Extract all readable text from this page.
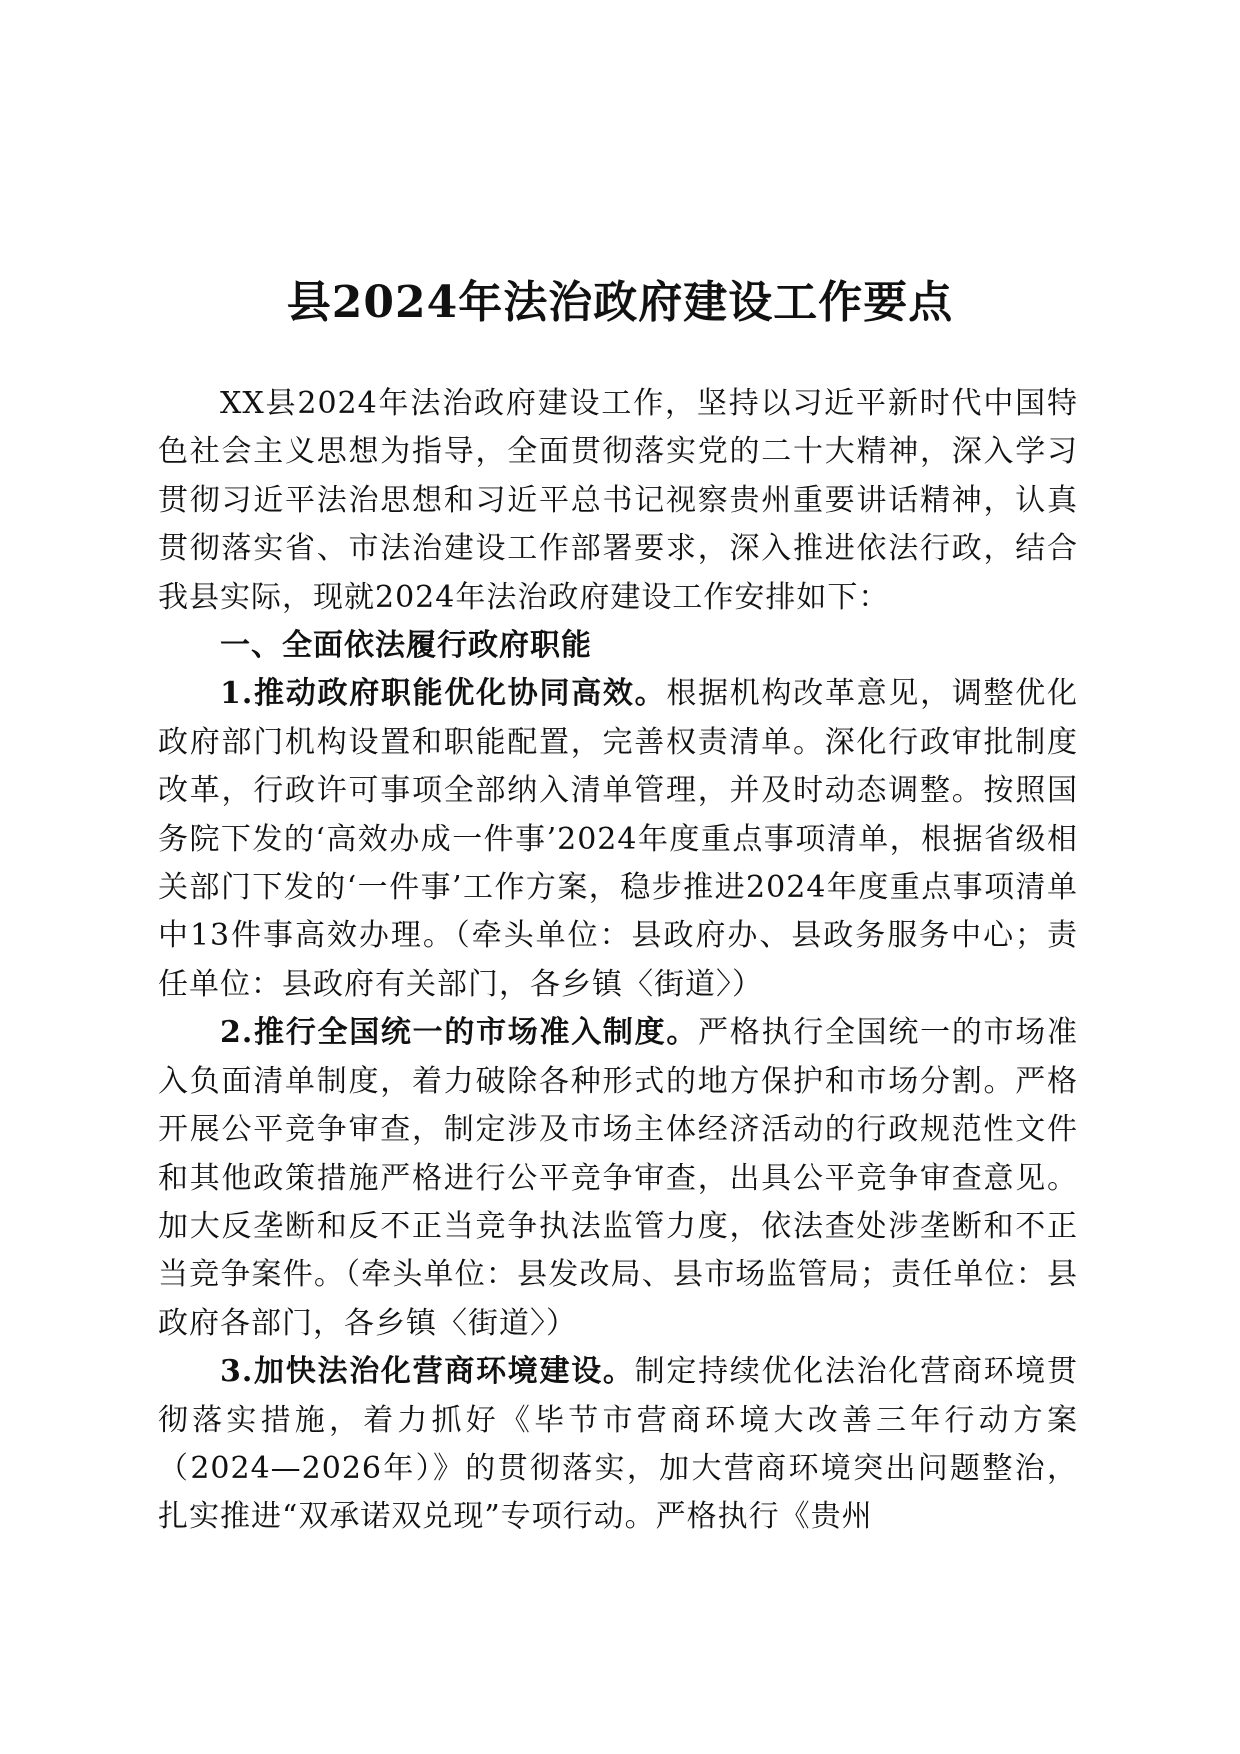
县2024年法治政府建设工作要点

XX县2024年法治政府建设工作，坚持以习近平新时代中国特色社会主义思想为指导，全面贯彻落实党的二十大精神，深入学习贯彻习近平法治思想和习近平总书记视察贵州重要讲话精神，认真贯彻落实省、市法治建设工作部署要求，深入推进依法行政，结合我县实际，现就2024年法治政府建设工作安排如下：

一、全面依法履行政府职能

1.推动政府职能优化协同高效。根据机构改革意见，调整优化政府部门机构设置和职能配置，完善权责清单。深化行政审批制度改革，行政许可事项全部纳入清单管理，并及时动态调整。按照国务院下发的‘高效办成一件事’2024年度重点事项清单，根据省级相关部门下发的‘一件事’工作方案，稳步推进2024年度重点事项清单中13件事高效办理。（牵头单位：县政府办、县政务服务中心；责任单位：县政府有关部门，各乡镇〈街道〉）

2.推行全国统一的市场准入制度。严格执行全国统一的市场准入负面清单制度，着力破除各种形式的地方保护和市场分割。严格开展公平竞争审查，制定涉及市场主体经济活动的行政规范性文件和其他政策措施严格进行公平竞争审查，出具公平竞争审查意见。加大反垄断和反不正当竞争执法监管力度，依法查处涉垄断和不正当竞争案件。（牵头单位：县发改局、县市场监管局；责任单位：县政府各部门，各乡镇〈街道〉）

3.加快法治化营商环境建设。制定持续优化法治化营商环境贯彻落实措施，着力抓好《毕节市营商环境大改善三年行动方案（2024—2026年）》的贯彻落实，加大营商环境突出问题整治，扎实推进“双承诺双兑现”专项行动。严格执行《贵州
